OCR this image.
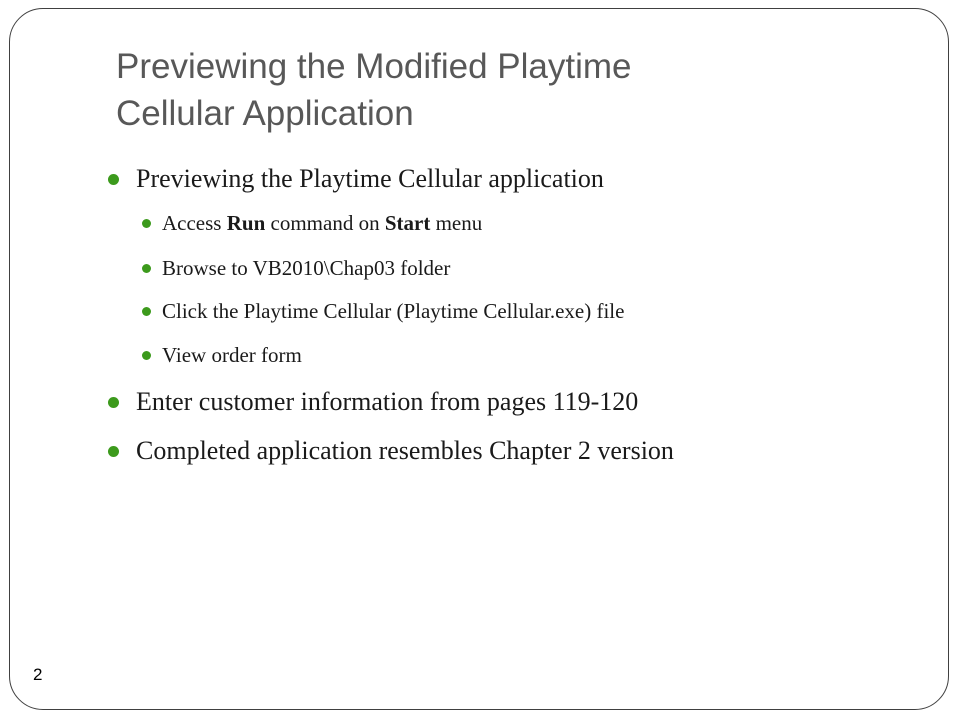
Previewing the Modified Playtime
Cellular Application
Previewing the Playtime Cellular application
Access Run command on Start menu
Browse to VB2010\Chap03 folder
Click the Playtime Cellular (Playtime Cellular.exe) file
View order form
Enter customer information from pages 119-120
Completed application resembles Chapter 2 version
2
